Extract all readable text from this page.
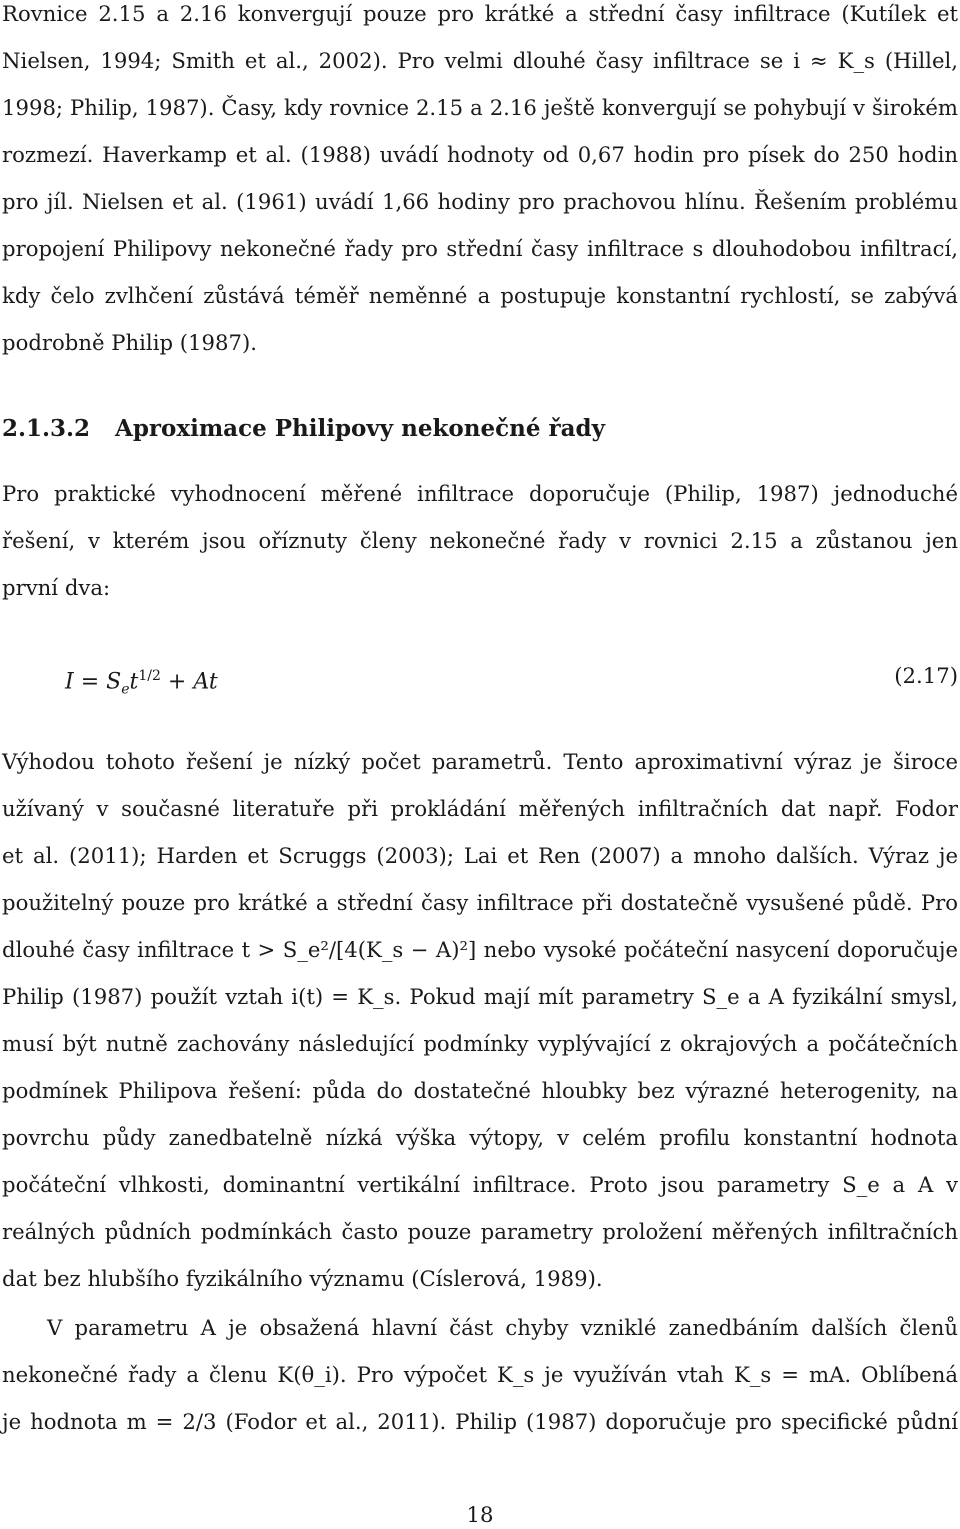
Rovnice 2.15 a 2.16 konvergují pouze pro krátké a střední časy infiltrace (Kutílek et
Nielsen, 1994; Smith et al., 2002). Pro velmi dlouhé časy infiltrace se i ≈ K_s (Hillel,
1998; Philip, 1987). Časy, kdy rovnice 2.15 a 2.16 ještě konvergují se pohybují v širokém
rozmezí. Haverkamp et al. (1988) uvádí hodnoty od 0,67 hodin pro písek do 250 hodin
pro jíl. Nielsen et al. (1961) uvádí 1,66 hodiny pro prachovou hlínu. Řešením problému
propojení Philipovy nekonečné řady pro střední časy infiltrace s dlouhodobou infiltrací,
kdy čelo zvlhčení zůstává téměř neměnné a postupuje konstantní rychlostí, se zabývá
podrobně Philip (1987).
2.1.3.2 Aproximace Philipovy nekonečné řady
Pro praktické vyhodnocení měřené infiltrace doporučuje (Philip, 1987) jednoduché
řešení, v kterém jsou oříznuty členy nekonečné řady v rovnici 2.15 a zůstanou jen
první dva:
$I = S_et^{1/2} + At$	(2.17)
Výhodou tohoto řešení je nízký počet parametrů. Tento aproximativní výraz je široce
užívaný v současné literatuře při prokládání měřených infiltračních dat např. Fodor
et al. (2011); Harden et Scruggs (2003); Lai et Ren (2007) a mnoho dalších. Výraz je
použitelný pouze pro krátké a střední časy infiltrace při dostatečně vysušené půdě. Pro
dlouhé časy infiltrace t > S_e²/[4(K_s − A)²] nebo vysoké počáteční nasycení doporučuje
Philip (1987) použít vztah i(t) = K_s. Pokud mají mít parametry S_e a A fyzikální smysl,
musí být nutně zachovány následující podmínky vyplývající z okrajových a počátečních
podmínek Philipova řešení: půda do dostatečné hloubky bez výrazné heterogenity, na
povrchu půdy zanedbatelně nízká výška výtopy, v celém profilu konstantní hodnota
počáteční vlhkosti, dominantní vertikální infiltrace. Proto jsou parametry S_e a A v
reálných půdních podmínkách často pouze parametry proložení měřených infiltračních
dat bez hlubšího fyzikálního významu (Císlerová, 1989).
V parametru A je obsažená hlavní část chyby vzniklé zanedbáním dalších členů
nekonečné řady a členu K(θ_i). Pro výpočet K_s je využíván vtah K_s = mA. Oblíbená
je hodnota m = 2/3 (Fodor et al., 2011). Philip (1987) doporučuje pro specifické půdní
18
